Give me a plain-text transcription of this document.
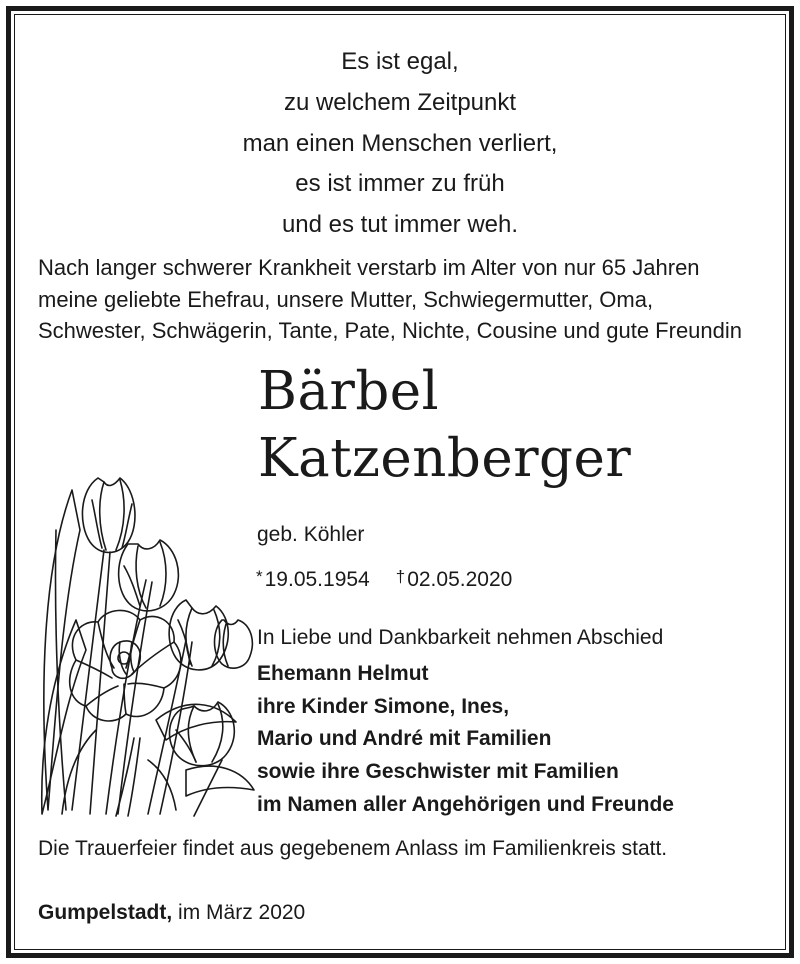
Es ist egal,
zu welchem Zeitpunkt
man einen Menschen verliert,
es ist immer zu früh
und es tut immer weh.
Nach langer schwerer Krankheit verstarb im Alter von nur 65 Jahren
meine geliebte Ehefrau, unsere Mutter, Schwiegermutter, Oma,
Schwester, Schwägerin, Tante, Pate, Nichte, Cousine und gute Freundin
Bärbel
Katzenberger
geb. Köhler
*19.05.1954 †02.05.2020
In Liebe und Dankbarkeit nehmen Abschied
Ehemann Helmut
ihre Kinder Simone, Ines,
Mario und André mit Familien
sowie ihre Geschwister mit Familien
im Namen aller Angehörigen und Freunde
Die Trauerfeier findet aus gegebenem Anlass im Familienkreis statt.
Gumpelstadt, im März 2020
